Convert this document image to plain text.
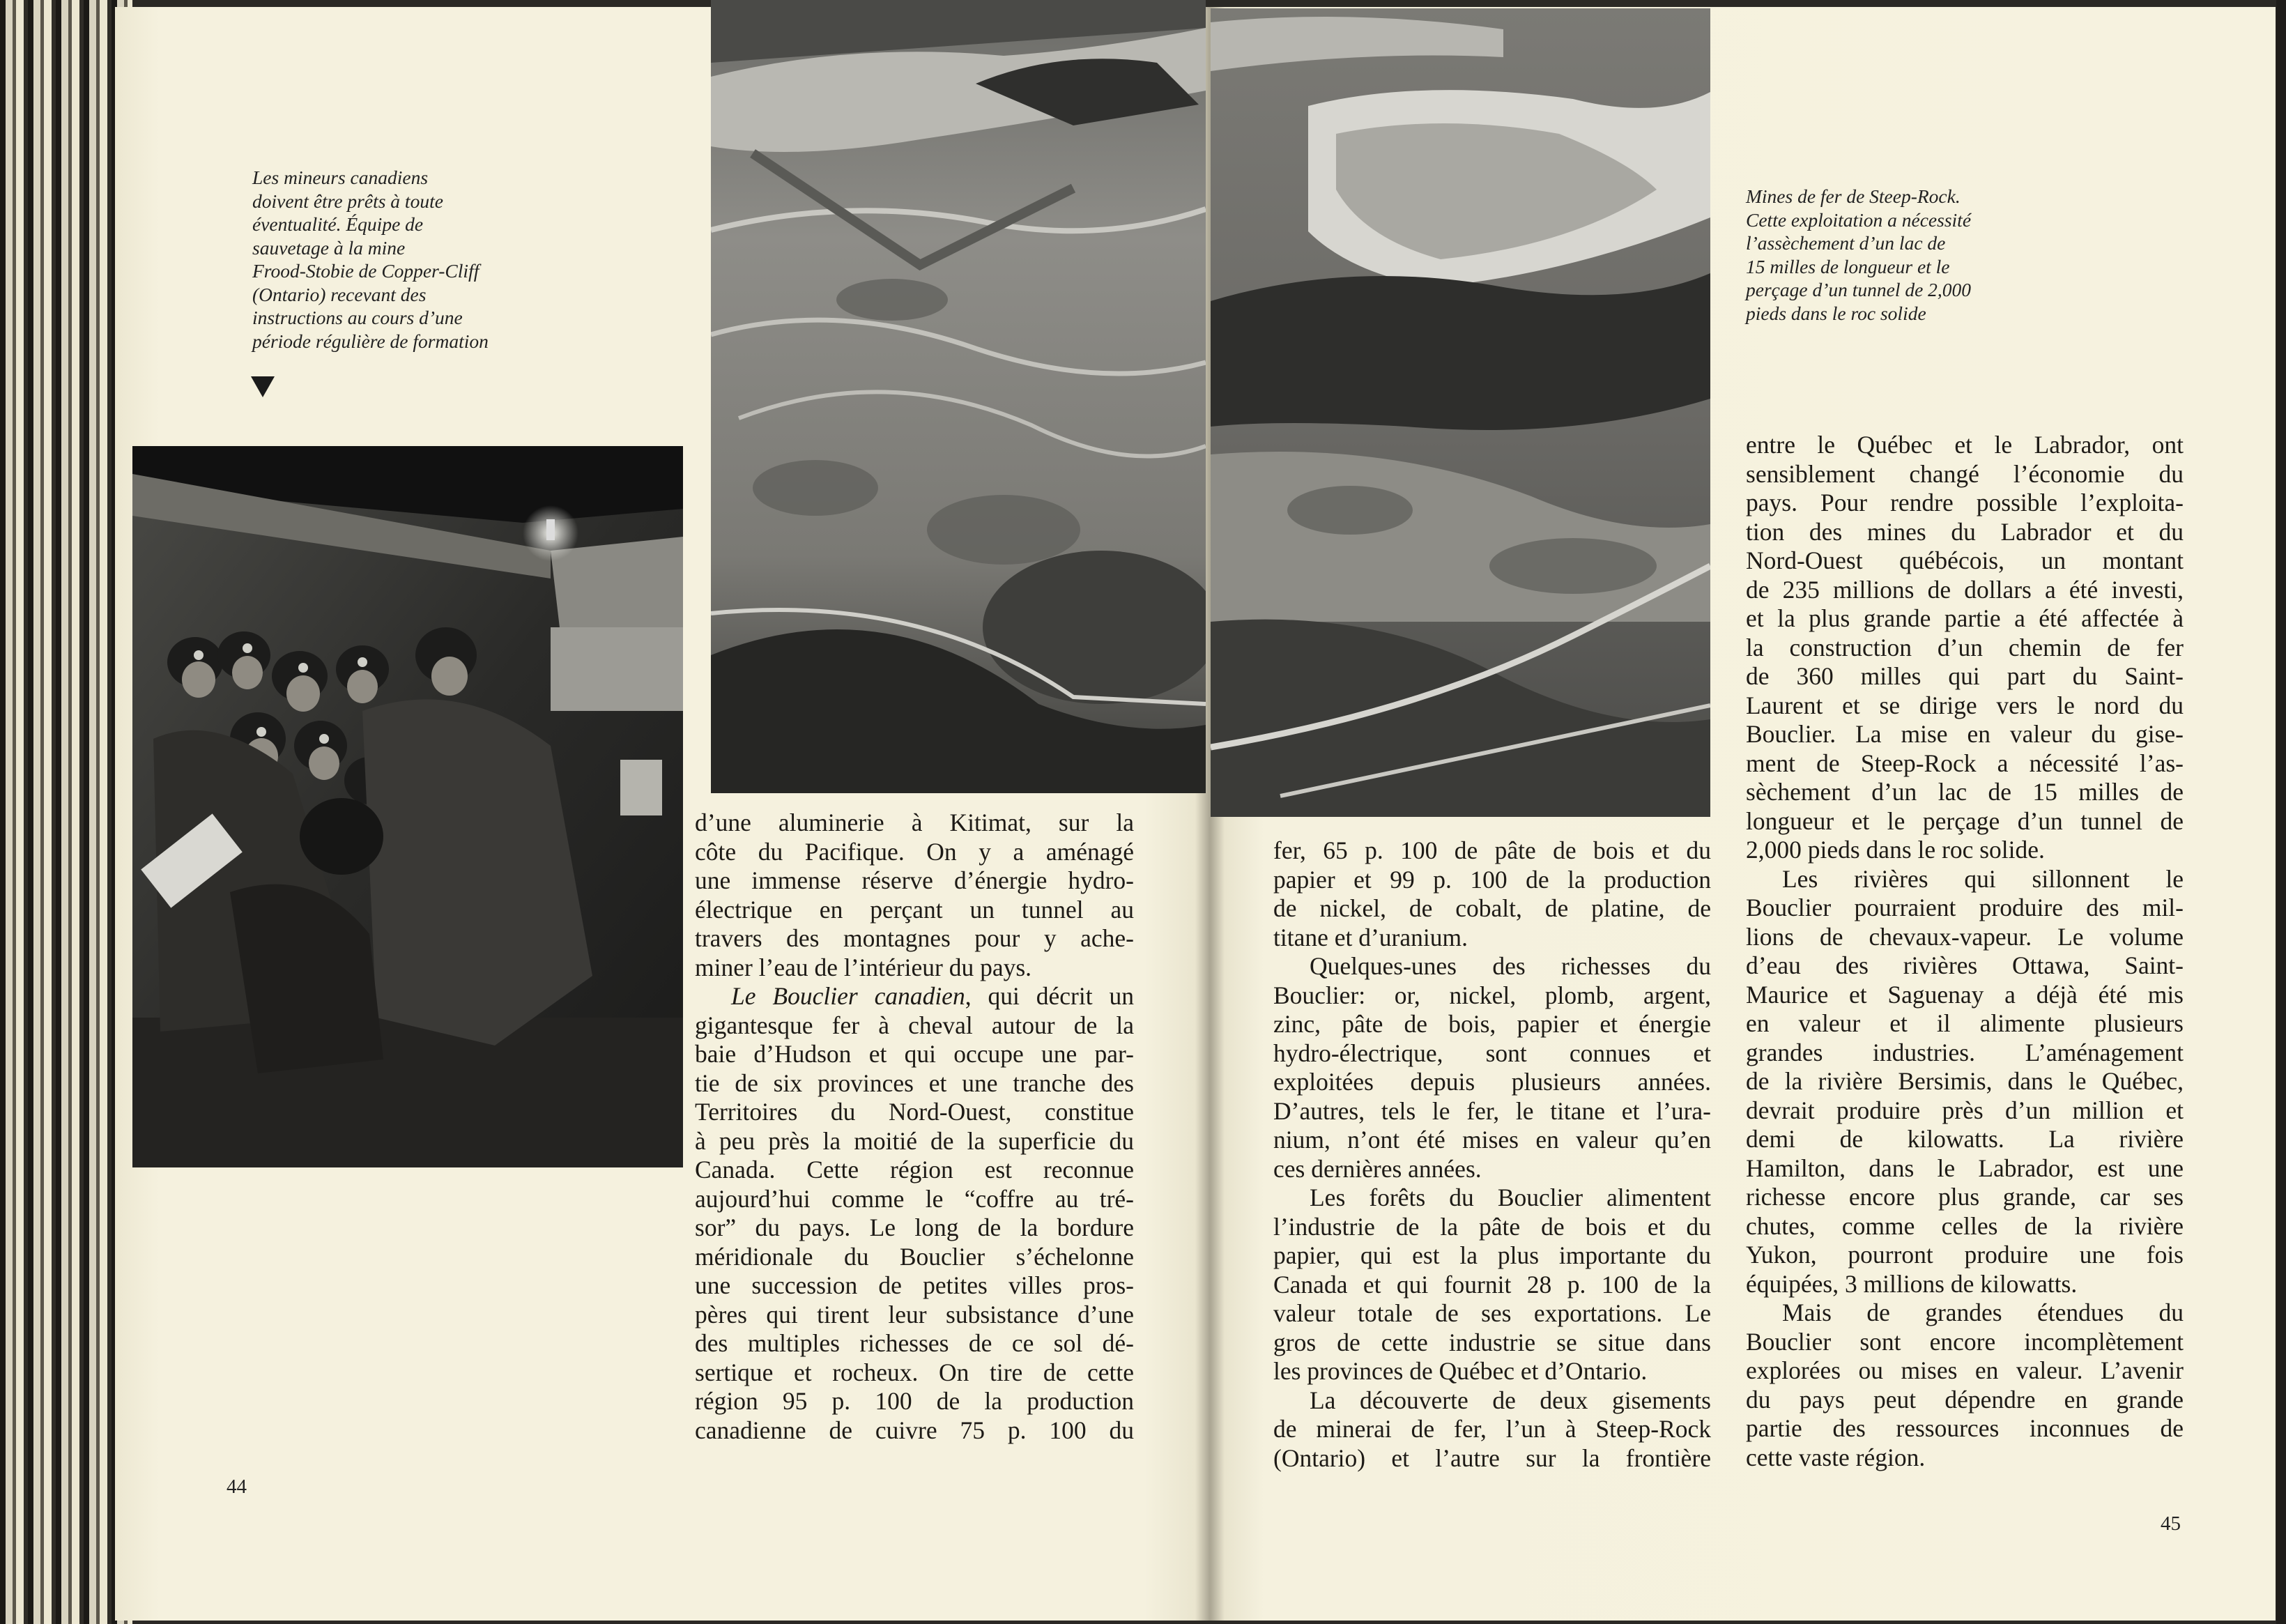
Les mineurs canadiens
doivent être prêts à toute
éventualité. Équipe de
sauvetage à la mine
Frood-Stobie de Copper-Cliff
(Ontario) recevant des
instructions au cours d’une
période régulière de formation
Mines de fer de Steep-Rock.
Cette exploitation a nécessité
l’assèchement d’un lac de
15 milles de longueur et le
perçage d’un tunnel de 2,000
pieds dans le roc solide
d’une aluminerie à Kitimat, sur la
côte du Pacifique. On y a aménagé
une immense réserve d’énergie hydro-
électrique en perçant un tunnel au
travers des montagnes pour y ache-
miner l’eau de l’intérieur du pays.
Le Bouclier canadien, qui décrit un
gigantesque fer à cheval autour de la
baie d’Hudson et qui occupe une par-
tie de six provinces et une tranche des
Territoires du Nord-Ouest, constitue
à peu près la moitié de la superficie du
Canada. Cette région est reconnue
aujourd’hui comme le “coffre au tré-
sor” du pays. Le long de la bordure
méridionale du Bouclier s’échelonne
une succession de petites villes pros-
pères qui tirent leur subsistance d’une
des multiples richesses de ce sol dé-
sertique et rocheux. On tire de cette
région 95 p. 100 de la production
canadienne de cuivre 75 p. 100 du
fer, 65 p. 100 de pâte de bois et du
papier et 99 p. 100 de la production
de nickel, de cobalt, de platine, de
titane et d’uranium.
Quelques-unes des richesses du
Bouclier: or, nickel, plomb, argent,
zinc, pâte de bois, papier et énergie
hydro-électrique, sont connues et
exploitées depuis plusieurs années.
D’autres, tels le fer, le titane et l’ura-
nium, n’ont été mises en valeur qu’en
ces dernières années.
Les forêts du Bouclier alimentent
l’industrie de la pâte de bois et du
papier, qui est la plus importante du
Canada et qui fournit 28 p. 100 de la
valeur totale de ses exportations. Le
gros de cette industrie se situe dans
les provinces de Québec et d’Ontario.
La découverte de deux gisements
de minerai de fer, l’un à Steep-Rock
(Ontario) et l’autre sur la frontière
entre le Québec et le Labrador, ont
sensiblement changé l’économie du
pays. Pour rendre possible l’exploita-
tion des mines du Labrador et du
Nord-Ouest québécois, un montant
de 235 millions de dollars a été investi,
et la plus grande partie a été affectée à
la construction d’un chemin de fer
de 360 milles qui part du Saint-
Laurent et se dirige vers le nord du
Bouclier. La mise en valeur du gise-
ment de Steep-Rock a nécessité l’as-
sèchement d’un lac de 15 milles de
longueur et le perçage d’un tunnel de
2,000 pieds dans le roc solide.
Les rivières qui sillonnent le
Bouclier pourraient produire des mil-
lions de chevaux-vapeur. Le volume
d’eau des rivières Ottawa, Saint-
Maurice et Saguenay a déjà été mis
en valeur et il alimente plusieurs
grandes industries. L’aménagement
de la rivière Bersimis, dans le Québec,
devrait produire près d’un million et
demi de kilowatts. La rivière
Hamilton, dans le Labrador, est une
richesse encore plus grande, car ses
chutes, comme celles de la rivière
Yukon, pourront produire une fois
équipées, 3 millions de kilowatts.
Mais de grandes étendues du
Bouclier sont encore incomplètement
explorées ou mises en valeur. L’avenir
du pays peut dépendre en grande
partie des ressources inconnues de
cette vaste région.
44
45
